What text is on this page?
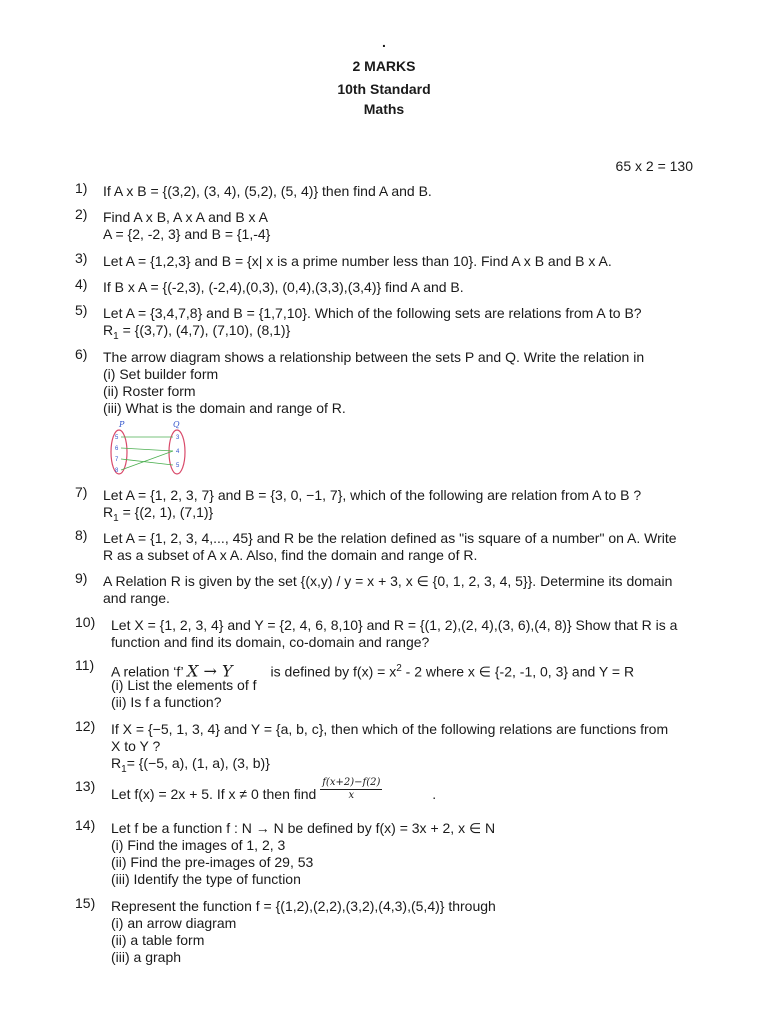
.
2 MARKS
10th Standard
Maths
65 x 2 = 130
1) If A x B = {(3,2), (3, 4), (5,2), (5, 4)} then find A and B.
2) Find A x B, A x A and B x A
A = {2, -2, 3} and B = {1,-4}
3) Let A = {1,2,3} and B = {x| x is a prime number less than 10}. Find A x B and B x A.
4) If B x A = {(-2,3), (-2,4),(0,3), (0,4),(3,3),(3,4)} find A and B.
5) Let A = {3,4,7,8} and B = {1,7,10}. Which of the following sets are relations from A to B?
$R_1 = \{(3,7)$, (4,7), (7,10), (8,1)}
6) The arrow diagram shows a relationship between the sets P and Q. Write the relation in
(i) Set builder form
(ii) Roster form
(iii) What is the domain and range of R.
P	Q
5
6
7
8
3
4
5
7) Let A = {1, 2, 3, 7} and B = {3, 0, −1, 7}, which of the following are relation from A to B ?
$R_1 = \{(2$, 1), (7,1)}
8) Let A = {1, 2, 3, 4,..., 45} and R be the relation defined as "is square of a number" on A. Write
R as a subset of A x A. Also, find the domain and range of R.
9) A Relation R is given by the set {(x,y) / y = x + 3, x ∈ {0, 1, 2, 3, 4, 5}}. Determine its domain
and range.
10) Let X = {1, 2, 3, 4} and Y = {2, 4, 6, 8,10} and R = {(1, 2),(2, 4),(3, 6),(4, 8)} Show that R is a
function and find its domain, co-domain and range?
11) A relation ‘f’ X → Y	is defined by $f(x) = x^2 - 2$ where x ∈ {-2, -1, 0, 3} and Y = R
(i) List the elements of f
(ii) Is f a function?
12) If X = {−5, 1, 3, 4} and Y = {a, b, c}, then which of the following relations are functions from
X to Y ?
$R_1= \{(-5$, a), (1, a), (3, b)}
13) Let f(x) = 2x + 5. If x ≠ 0 then find $\frac{f(x+2)-f(2)}{x}$	.
14) Let f be a function f : N → N be defined by f(x) = 3x + 2, x ∈ N
(i) Find the images of 1, 2, 3
(ii) Find the pre-images of 29, 53
(iii) Identify the type of function
15) Represent the function f = {(1,2),(2,2),(3,2),(4,3),(5,4)} through
(i) an arrow diagram
(ii) a table form
(iii) a graph
